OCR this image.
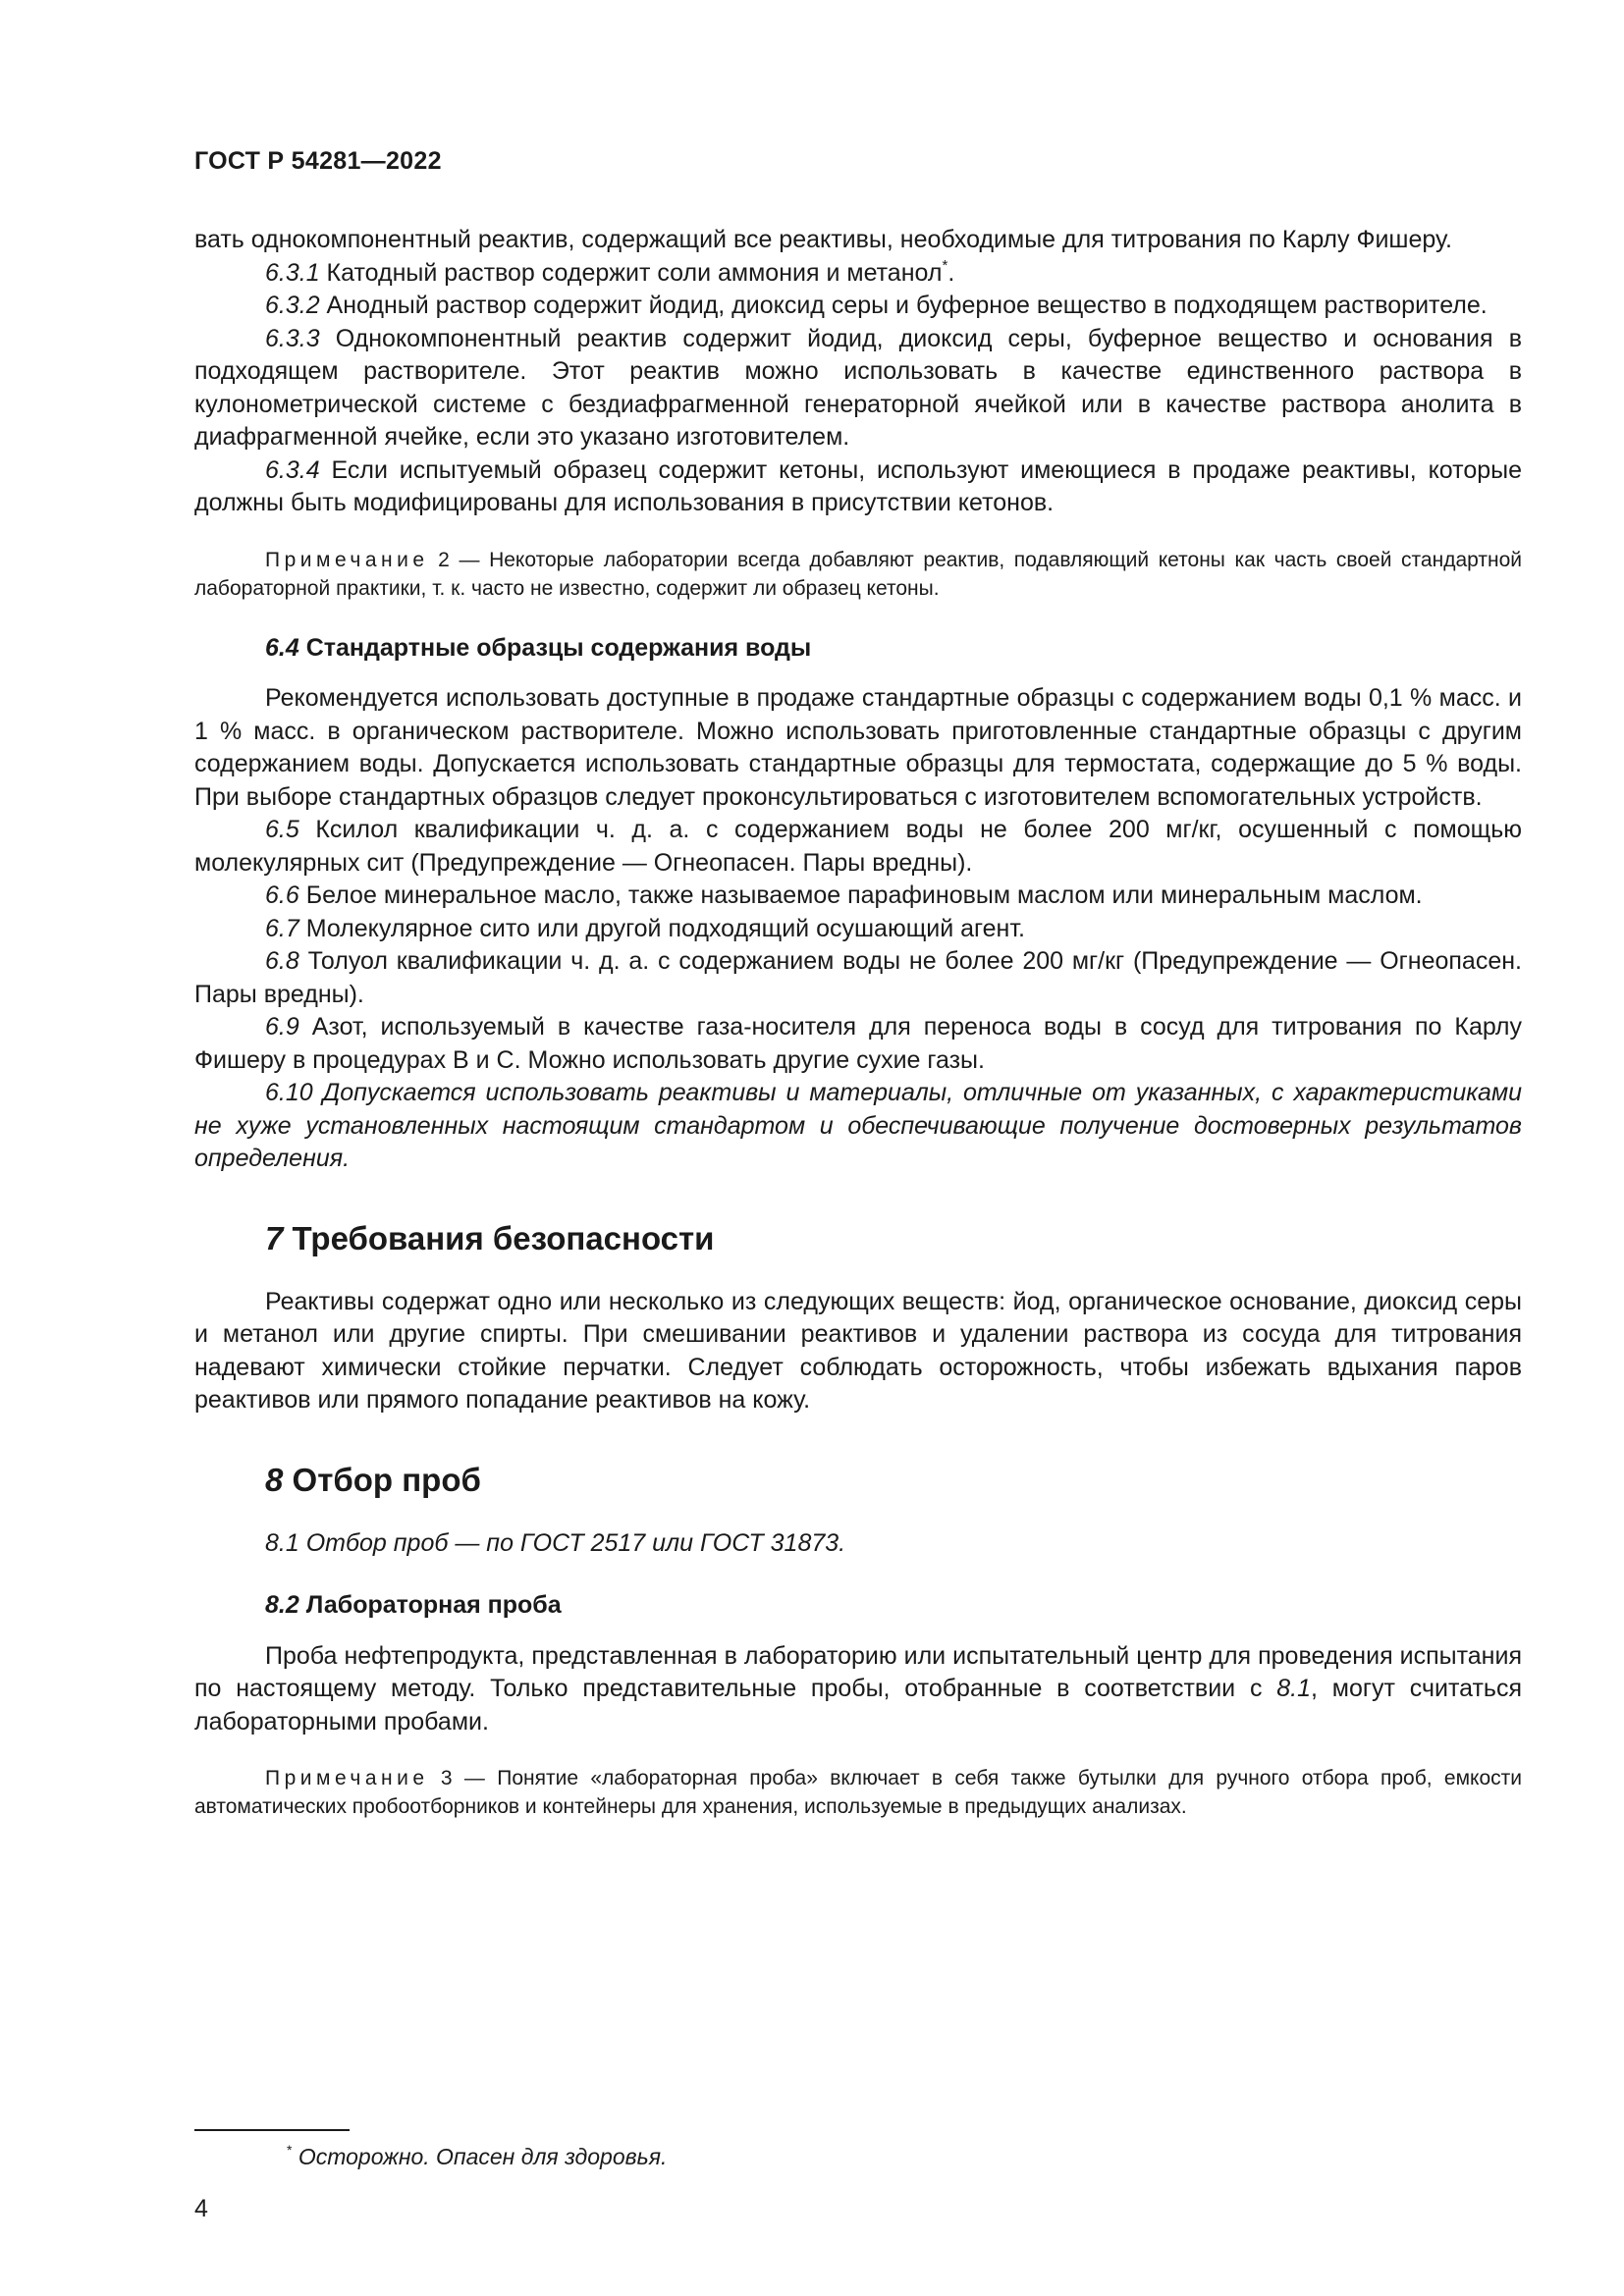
ГОСТ Р 54281—2022

вать однокомпонентный реактив, содержащий все реактивы, необходимые для титрования по Карлу Фишеру.

6.3.1 Катодный раствор содержит соли аммония и метанол*.

6.3.2 Анодный раствор содержит йодид, диоксид серы и буферное вещество в подходящем растворителе.

6.3.3 Однокомпонентный реактив содержит йодид, диоксид серы, буферное вещество и основания в подходящем растворителе. Этот реактив можно использовать в качестве единственного раствора в кулонометрической системе с бездиафрагменной генераторной ячейкой или в качестве раствора анолита в диафрагменной ячейке, если это указано изготовителем.

6.3.4 Если испытуемый образец содержит кетоны, используют имеющиеся в продаже реактивы, которые должны быть модифицированы для использования в присутствии кетонов.

Примечание 2 — Некоторые лаборатории всегда добавляют реактив, подавляющий кетоны как часть своей стандартной лабораторной практики, т. к. часто не известно, содержит ли образец кетоны.

6.4 Стандартные образцы содержания воды

Рекомендуется использовать доступные в продаже стандартные образцы с содержанием воды 0,1 % масс. и 1 % масс. в органическом растворителе. Можно использовать приготовленные стандартные образцы с другим содержанием воды. Допускается использовать стандартные образцы для термостата, содержащие до 5 % воды. При выборе стандартных образцов следует проконсультироваться с изготовителем вспомогательных устройств.

6.5 Ксилол квалификации ч. д. а. с содержанием воды не более 200 мг/кг, осушенный с помощью молекулярных сит (Предупреждение — Огнеопасен. Пары вредны).

6.6 Белое минеральное масло, также называемое парафиновым маслом или минеральным маслом.

6.7 Молекулярное сито или другой подходящий осушающий агент.

6.8 Толуол квалификации ч. д. а. с содержанием воды не более 200 мг/кг (Предупреждение — Огнеопасен. Пары вредны).

6.9 Азот, используемый в качестве газа-носителя для переноса воды в сосуд для титрования по Карлу Фишеру в процедурах В и С. Можно использовать другие сухие газы.

6.10 Допускается использовать реактивы и материалы, отличные от указанных, с характеристиками не хуже установленных настоящим стандартом и обеспечивающие получение достоверных результатов определения.

7 Требования безопасности

Реактивы содержат одно или несколько из следующих веществ: йод, органическое основание, диоксид серы и метанол или другие спирты. При смешивании реактивов и удалении раствора из сосуда для титрования надевают химически стойкие перчатки. Следует соблюдать осторожность, чтобы избежать вдыхания паров реактивов или прямого попадание реактивов на кожу.

8 Отбор проб

8.1 Отбор проб — по ГОСТ 2517 или ГОСТ 31873.

8.2 Лабораторная проба

Проба нефтепродукта, представленная в лабораторию или испытательный центр для проведения испытания по настоящему методу. Только представительные пробы, отобранные в соответствии с 8.1, могут считаться лабораторными пробами.

Примечание 3 — Понятие «лабораторная проба» включает в себя также бутылки для ручного отбора проб, емкости автоматических пробоотборников и контейнеры для хранения, используемые в предыдущих анализах.

* Осторожно. Опасен для здоровья.
4
